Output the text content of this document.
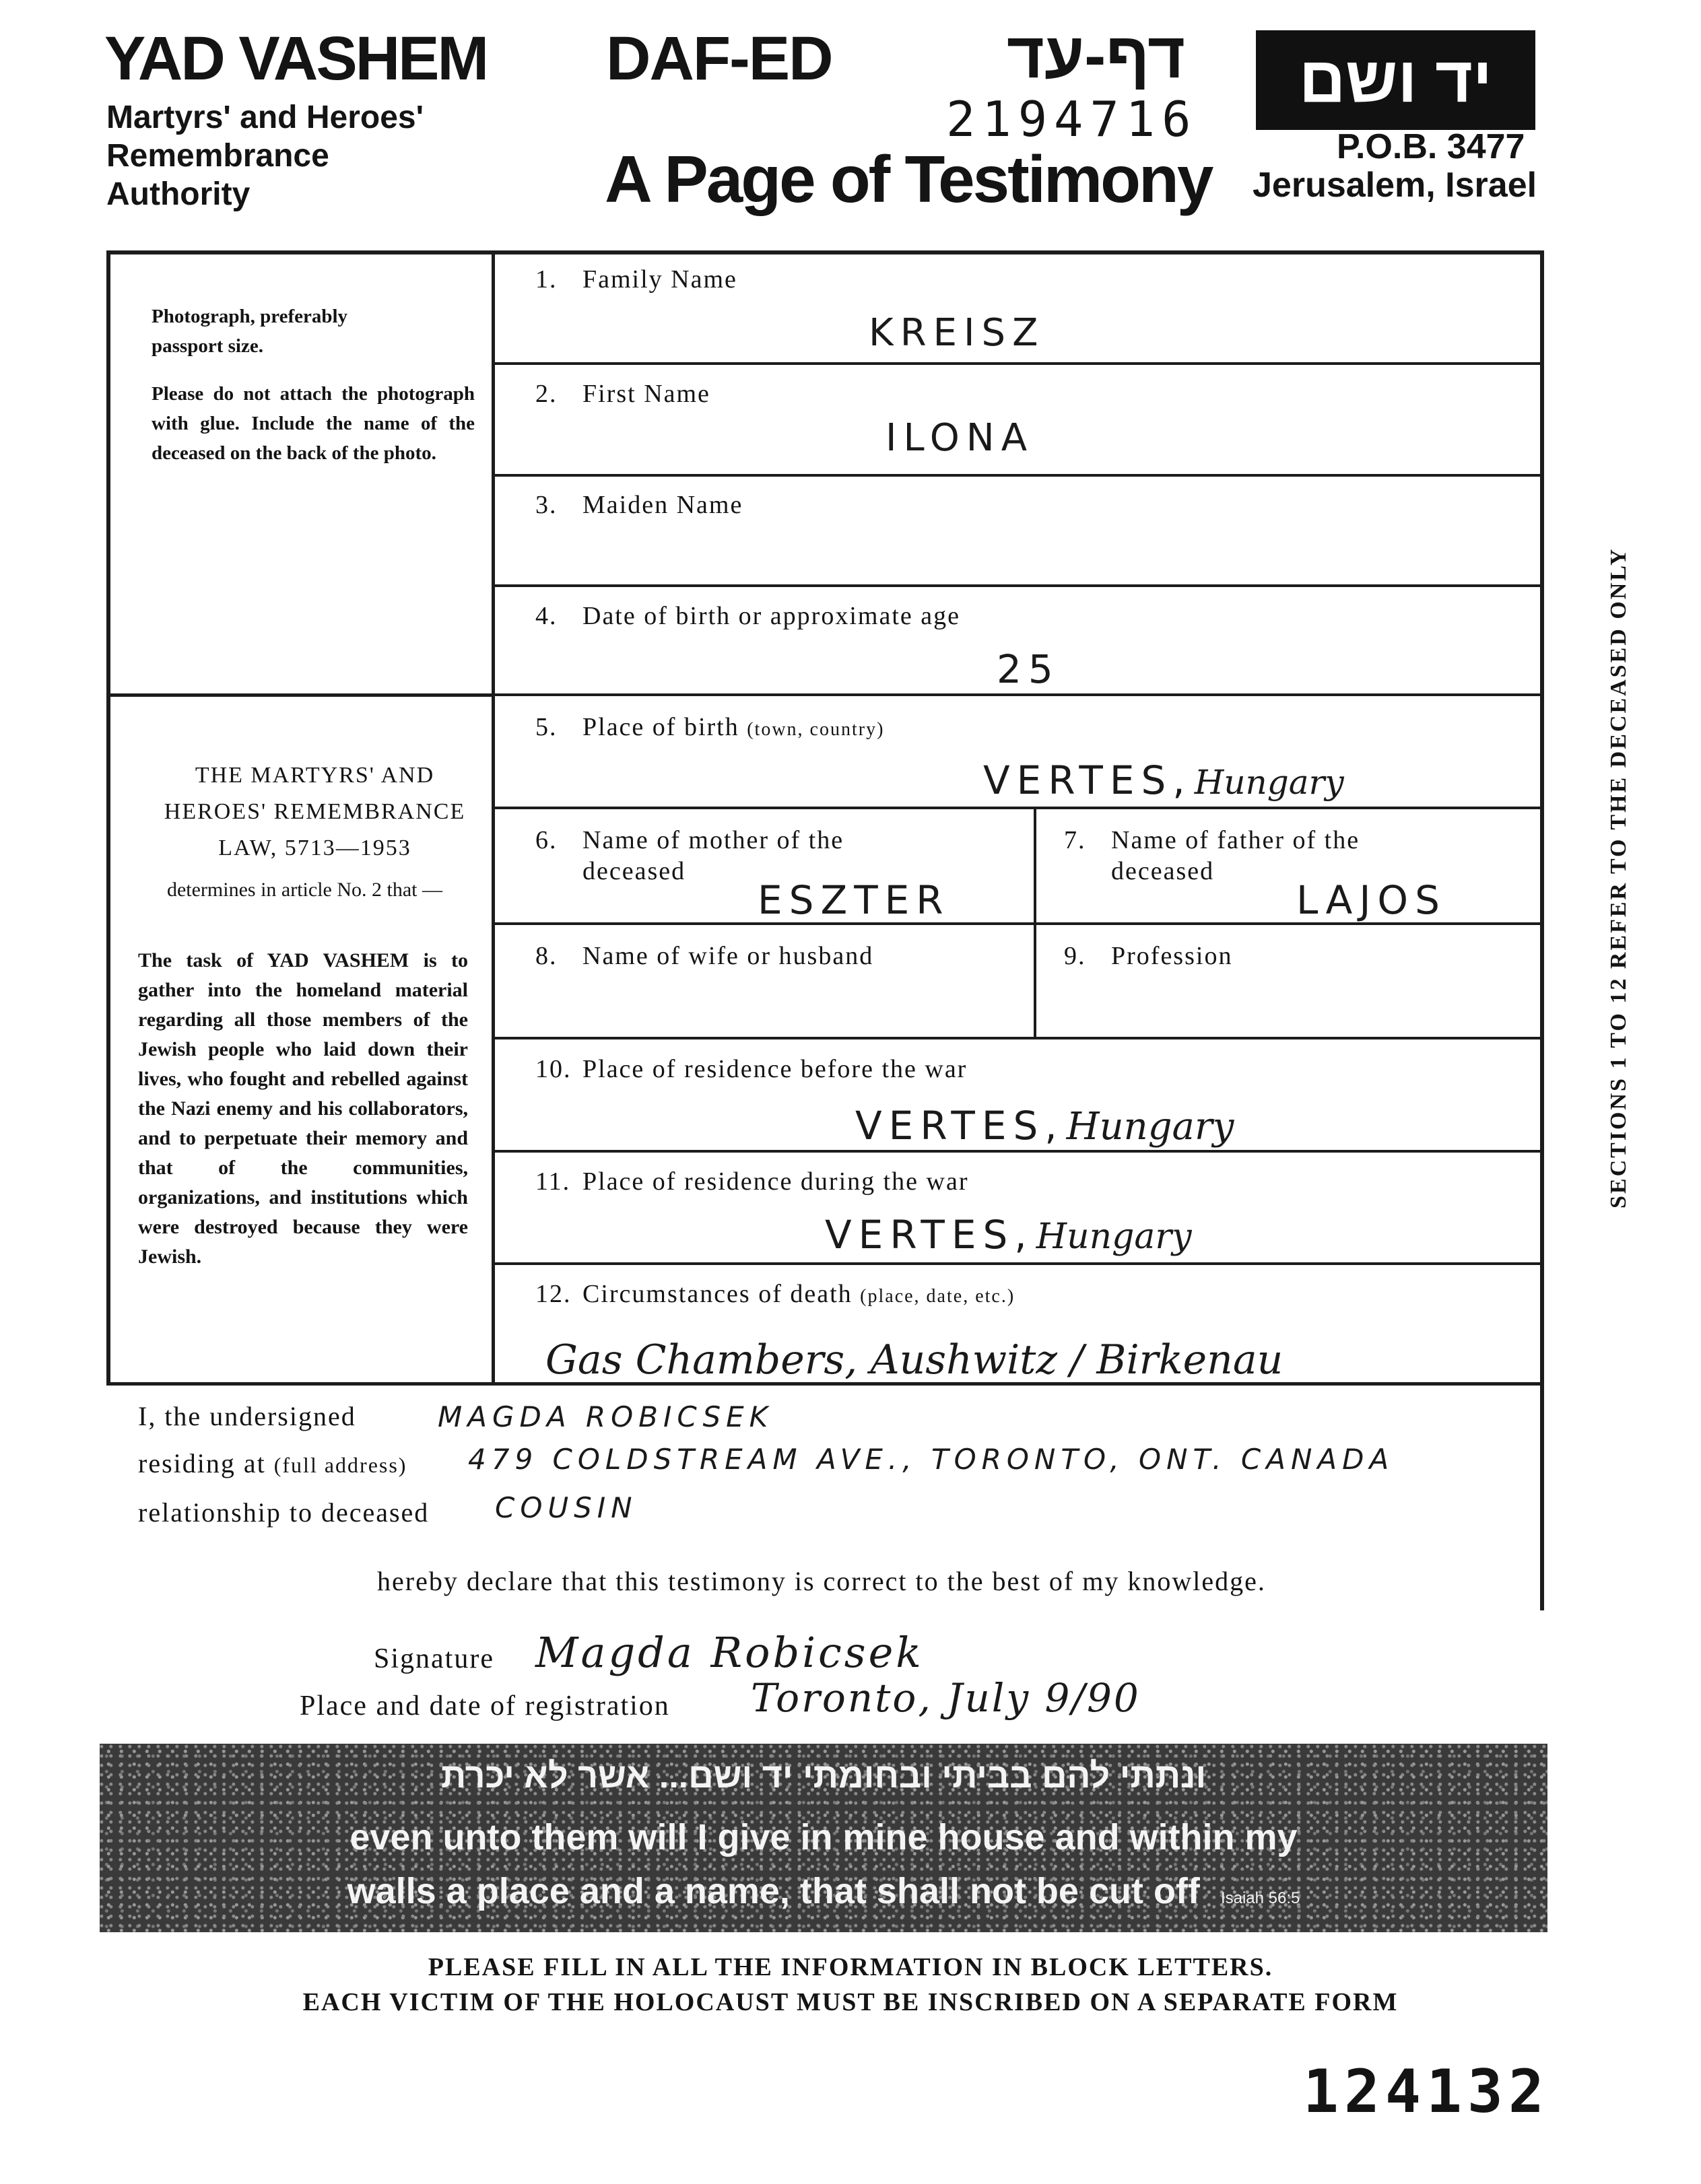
YAD VASHEM
Martyrs' and Heroes'
Remembrance
Authority
DAF-ED	דף-עד
2194716
A Page of Testimony
יד ושם
P.O.B. 3477
Jerusalem, Israel
Photograph, preferably passport size.
Please do not attach the photograph with glue. Include the name of the deceased on the back of the photo.
THE MARTYRS' AND HEROES' REMEMBRANCE LAW, 5713—1953
determines in article No. 2 that —
The task of YAD VASHEM is to gather into the homeland material regarding all those members of the Jewish people who laid down their lives, who fought and rebelled against the Nazi enemy and his collaborators, and to perpetuate their memory and that of the communities, organizations, and institutions which were destroyed because they were Jewish.
SECTIONS 1 TO 12 REFER TO THE DECEASED ONLY
1. Family Name
KREISZ
2. First Name
ILONA
3. Maiden Name
4. Date of birth or approximate age
25
5. Place of birth (town, country)
VERTES, Hungary
6. Name of mother of the deceased
ESZTER
7. Name of father of the deceased
LAJOS
8. Name of wife or husband	9. Profession
10. Place of residence before the war
VERTES, Hungary
11. Place of residence during the war
VERTES, Hungary
12. Circumstances of death (place, date, etc.)
Gas Chambers, Aushwitz / Birkenau
I, the undersigned	MAGDA ROBICSEK
residing at (full address) 479 COLDSTREAM AVE., TORONTO, ONT. CANADA
relationship to deceased COUSIN
hereby declare that this testimony is correct to the best of my knowledge.
Signature Magda Robicsek
Place and date of registration Toronto, July 9/90
ונתתי להם בביתי ובחומתי יד ושם... אשר לא יכרת
even unto them will I give in mine house and within my
walls a place and a name, that shall not be cut off Isaiah 56:5
PLEASE FILL IN ALL THE INFORMATION IN BLOCK LETTERS.
EACH VICTIM OF THE HOLOCAUST MUST BE INSCRIBED ON A SEPARATE FORM
124132
